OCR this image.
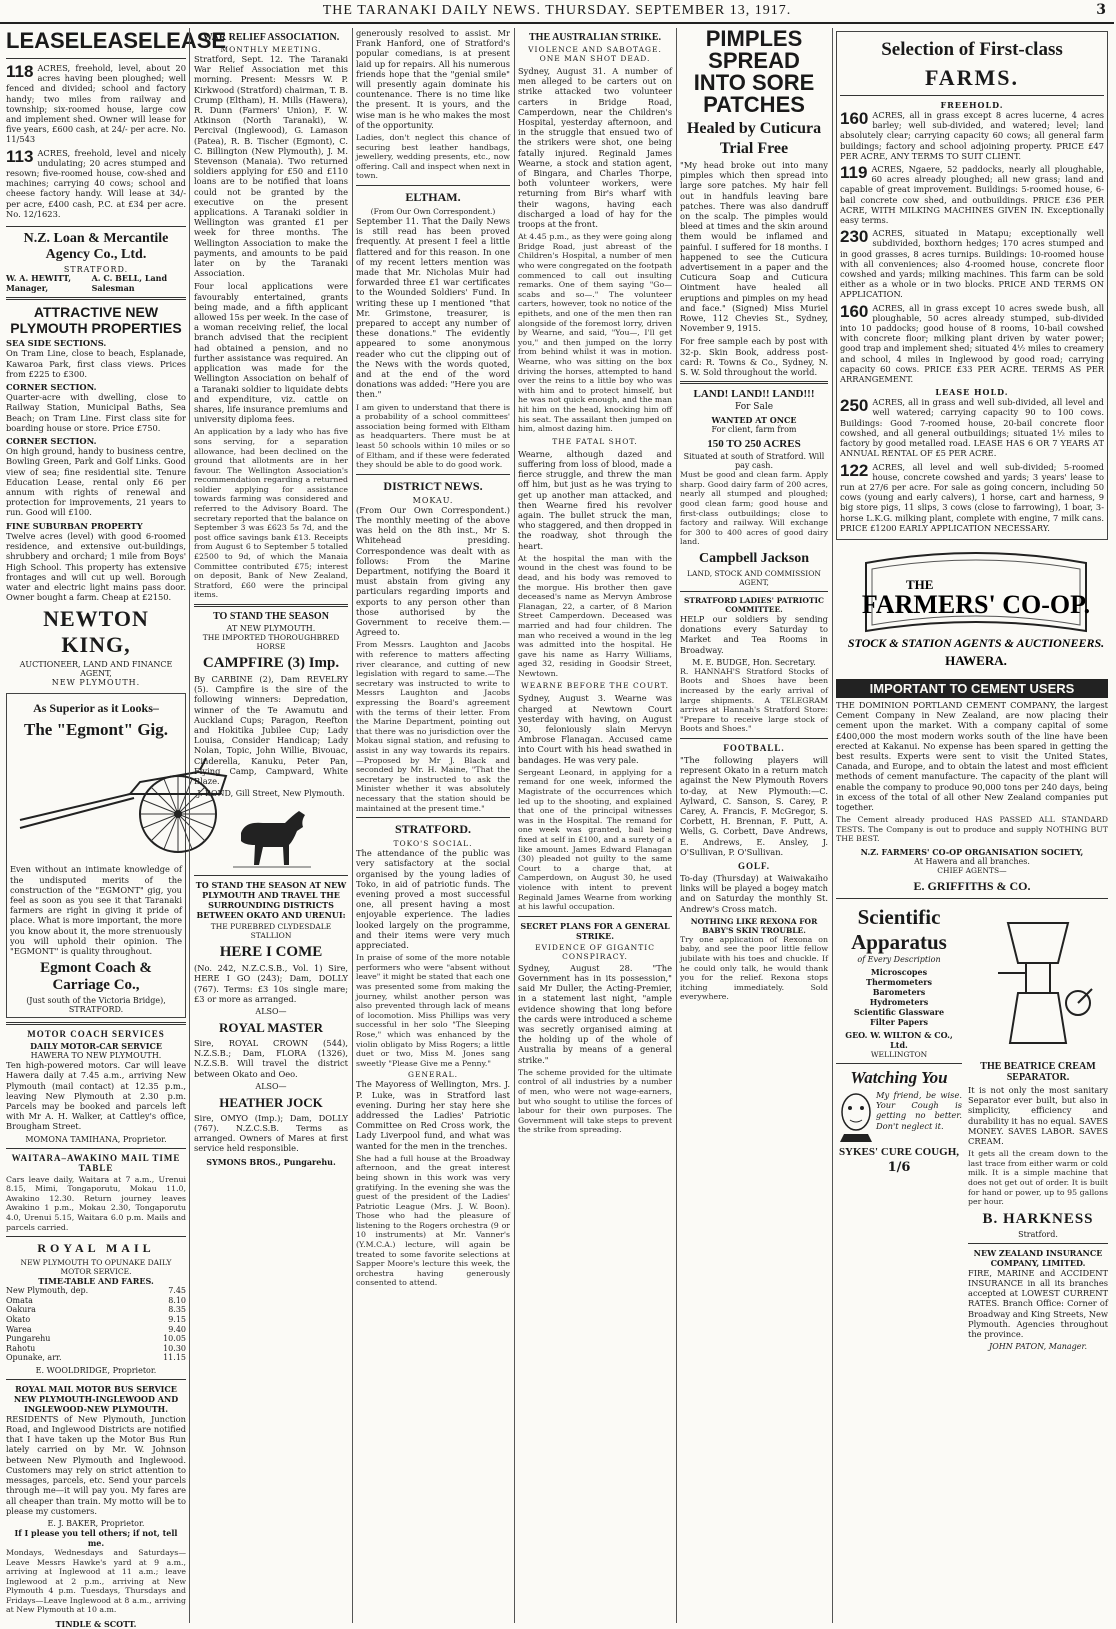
THE TARANAKI DAILY NEWS. THURSDAY. SEPTEMBER 13, 1917.	3
LEASE LEASE LEASE
118 ACRES, freehold, level, about 20 acres having been ploughed; well fenced and divided; school and factory handy; two miles from railway and township; six-roomed house, large cow and implement shed. Owner will lease for five years, £600 cash, at 24/- per acre. No. 11/543
113 ACRES, freehold, level and nicely undulating; 20 acres stumped and resown; five-roomed house, cow-shed and machines; carrying 40 cows; school and cheese factory handy. Will lease at 34/- per acre, £400 cash, P.C. at £34 per acre. No. 12/1623.
N.Z. Loan & Mercantile Agency Co., Ltd.
STRATFORD.
W. A. HEWITT, Manager,
A. C. BELL, Land Salesman
ATTRACTIVE NEW PLYMOUTH PROPERTIES
SEA SIDE SECTIONS.
On Tram Line, close to beach, Esplanade, Kawaroa Park, first class views. Prices from £225 to £300.
CORNER SECTION.
Quarter-acre with dwelling, close to Railway Station, Municipal Baths, Sea Beach; on Tram Line. First class site for boarding house or store. Price £750.
CORNER SECTION.
On high ground, handy to business centre, Bowling Green, Park and Golf Links. Good view of sea; fine residential site. Tenure Education Lease, rental only £6 per annum with rights of renewal and protection for improvements, 21 years to run. Good will £100.
FINE SUBURBAN PROPERTY
Twelve acres (level) with good 6-roomed residence, and extensive out-buildings, shrubbery and orchard; 1 mile from Boys' High School. This property has extensive frontages and will cut up well. Borough water and electric light mains pass door. Owner bought a farm. Cheap at £2150.
NEWTON KING,
AUCTIONEER, LAND AND FINANCE AGENT,
NEW PLYMOUTH.
As Superior as it Looks–
The "Egmont" Gig.
Even without an intimate knowledge of the undisputed merits of the construction of the "EGMONT" gig, you feel as soon as you see it that Taranaki farmers are right in giving it pride of place. What is more important, the more you know about it, the more strenuously you will uphold their opinion. The "EGMONT" is quality throughout.
Egmont Coach & Carriage Co.,
(Just south of the Victoria Bridge), STRATFORD.
MOTOR COACH SERVICES
DAILY MOTOR-CAR SERVICE
HAWERA TO NEW PLYMOUTH.
Ten high-powered motors. Car will leave Hawera daily at 7.45 a.m., arriving New Plymouth (mail contact) at 12.35 p.m., leaving New Plymouth at 2.30 p.m. Parcels may be booked and parcels left with Mr A. H. Walker, at Cattley's office, Brougham Street.
MOMONA TAMIHANA, Proprietor.
WAITARA–AWAKINO MAIL TIME TABLE
Cars leave daily, Waitara at 7 a.m., Urenui 8.15, Mimi, Tongaporutu, Mokau 11.0, Awakino 12.30. Return journey leaves Awakino 1 p.m., Mokau 2.30, Tongaporutu 4.0, Urenui 5.15, Waitara 6.0 p.m. Mails and parcels carried.
ROYAL MAIL
NEW PLYMOUTH TO OPUNAKE DAILY MOTOR SERVICE.
TIME-TABLE AND FARES.
New Plymouth, dep.	7.45
Omata	8.10
Oakura	8.35
Okato	9.15
Warea	9.40
Pungarehu	10.05
Rahotu	10.30
Opunake, arr.	11.15
E. WOOLDRIDGE, Proprietor.
ROYAL MAIL MOTOR BUS SERVICE NEW PLYMOUTH-INGLEWOOD AND INGLEWOOD-NEW PLYMOUTH.
RESIDENTS of New Plymouth, Junction Road, and Inglewood Districts are notified that I have taken up the Motor Bus Run lately carried on by Mr. W. Johnson between New Plymouth and Inglewood. Customers may rely on strict attention to messages, parcels, etc. Send your parcels through me—it will pay you. My fares are all cheaper than train. My motto will be to please my customers.
E. J. BAKER, Proprietor.
If I please you tell others; if not, tell me.
Mondays, Wednesdays and Saturdays—Leave Messrs Hawke's yard at 9 a.m., arriving at Inglewood at 11 a.m.; leave Inglewood at 2 p.m., arriving at New Plymouth 4 p.m. Tuesdays, Thursdays and Fridays—Leave Inglewood at 8 a.m., arriving at New Plymouth at 10 a.m.
TINDLE & SCOTT.
WAR RELIEF ASSOCIATION.
MONTHLY MEETING.
Stratford, Sept. 12. The Taranaki War Relief Association met this morning. Present: Messrs W. P. Kirkwood (Stratford) chairman, T. B. Crump (Eltham), H. Mills (Hawera), R. Dunn (Farmers' Union), F. W. Atkinson (North Taranaki), W. Percival (Inglewood), G. Lamason (Patea), R. B. Tischer (Egmont), C. C. Billington (New Plymouth), J. M. Stevenson (Manaia). Two returned soldiers applying for £50 and £110 loans are to be notified that loans could not be granted by the executive on the present applications. A Taranaki soldier in Wellington was granted £1 per week for three months. The Wellington Association to make the payments, and amounts to be paid later on by the Taranaki Association.
Four local applications were favourably entertained, grants being made, and a fifth applicant allowed 15s per week. In the case of a woman receiving relief, the local branch advised that the recipient had obtained a pension, and no further assistance was required. An application was made for the Wellington Association on behalf of a Taranaki soldier to liquidate debts and expenditure, viz. cattle on shares, life insurance premiums and university diploma fees.
An application by a lady who has five sons serving, for a separation allowance, had been declined on the ground that allotments are in her favour. The Wellington Association's recommendation regarding a returned soldier applying for assistance towards farming was considered and referred to the Advisory Board. The secretary reported that the balance on September 3 was £623 5s 7d, and the post office savings bank £13. Receipts from August 6 to September 5 totalled £2500 to 9d, of which the Manaia Committee contributed £75; interest on deposit, Bank of New Zealand, Stratford, £60 were the principal items.
TO STAND THE SEASON
AT NEW PLYMOUTH.
THE IMPORTED THOROUGHBRED HORSE
CAMPFIRE (3) Imp.
By CARBINE (2), Dam REVELRY (5). Campfire is the sire of the following winners: Depredation, winner of the Te Awamutu and Auckland Cups; Paragon, Reefton and Hokitika Jubilee Cup; Lady Louisa, Consider Handicap; Lady Nolan, Topic, John Willie, Bivouac, Cinderella, Kanuku, Peter Pan, Flying Camp, Campward, White Blaze.
J. BOND, Gill Street, New Plymouth.
TO STAND THE SEASON AT NEW PLYMOUTH AND TRAVEL THE SURROUNDING DISTRICTS BETWEEN OKATO AND URENUI:
THE PUREBRED CLYDESDALE STALLION
HERE I COME
(No. 242, N.Z.C.S.B., Vol. 1) Sire, HERE I GO (243); Dam, DOLLY (767). Terms: £3 10s single mare; £3 or more as arranged.
ALSO—
ROYAL MASTER
Sire, ROYAL CROWN (544), N.Z.S.B.; Dam, FLORA (1326), N.Z.S.B. Will travel the district between Okato and Oeo.
ALSO—
HEATHER JOCK
Sire, OMYO (Imp.); Dam, DOLLY (767). N.Z.C.S.B. Terms as arranged. Owners of Mares at first service held responsible.
SYMONS BROS., Pungarehu.
generously resolved to assist. Mr Frank Hanford, one of Stratford's popular comedians, is at present laid up for repairs. All his numerous friends hope that the "genial smile" will presently again dominate his countenance. There is no time like the present. It is yours, and the wise man is he who makes the most of the opportunity.
Ladies, don't neglect this chance of securing best leather handbags, jewellery, wedding presents, etc., now offering. Call and inspect when next in town.
ELTHAM.
(From Our Own Correspondent.)
September 11. That the Daily News is still read has been proved frequently. At present I feel a little flattered and for this reason. In one of my recent letters mention was made that Mr. Nicholas Muir had forwarded three £1 war certificates to the Wounded Soldiers' Fund. In writing these up I mentioned "that Mr. Grimstone, treasurer, is prepared to accept any number of these donations." The evidently appeared to some anonymous reader who cut the clipping out of the News with the words quoted, and at the end of the word donations was added: "Here you are then."
I am given to understand that there is a probability of a school committees' association being formed with Eltham as headquarters. There must be at least 50 schools within 10 miles or so of Eltham, and if these were federated they should be able to do good work.
DISTRICT NEWS.
MOKAU.
(From Our Own Correspondent.) The monthly meeting of the above was held on the 8th inst., Mr S. Whitehead presiding. Correspondence was dealt with as follows: From the Marine Department, notifying the Board it must abstain from giving any particulars regarding imports and exports to any person other than those authorised by the Government to receive them.—Agreed to.
From Messrs. Laughton and Jacobs with reference to matters affecting river clearance, and cutting of new legislation with regard to same.—The secretary was instructed to write to Messrs Laughton and Jacobs expressing the Board's agreement with the terms of their letter. From the Marine Department, pointing out that there was no jurisdiction over the Mokau signal station, and refusing to assist in any way towards its repairs.—Proposed by Mr J. Black and seconded by Mr. H. Maine, "That the secretary be instructed to ask the Minister whether it was absolutely necessary that the station should be maintained at the present time."
STRATFORD.
TOKO'S SOCIAL.
The attendance of the public was very satisfactory at the social organised by the young ladies of Toko, in aid of patriotic funds. The evening proved a most successful one, all present having a most enjoyable experience. The ladies looked largely on the programme, and their items were very much appreciated.
In praise of some of the more notable performers who were "absent without leave" it might be stated that each one was presented some from making the journey, whilst another person was also prevented through lack of means of locomotion. Miss Phillips was very successful in her solo "The Sleeping Rose," which was enhanced by the violin obligato by Miss Rogers; a little duet or two, Miss M. Jones sang sweetly "Please Give me a Penny."
GENERAL.
The Mayoress of Wellington, Mrs. J. P. Luke, was in Stratford last evening. During her stay here she addressed the Ladies' Patriotic Committee on Red Cross work, the Lady Liverpool fund, and what was wanted for the men in the trenches.
She had a full house at the Broadway afternoon, and the great interest being shown in this work was very gratifying. In the evening she was the guest of the president of the Ladies' Patriotic League (Mrs. J. W. Boon). Those who had the pleasure of listening to the Rogers orchestra (9 or 10 instruments) at Mr. Vanner's (Y.M.C.A.) lecture, will again be treated to some favorite selections at Sapper Moore's lecture this week, the orchestra having generously consented to attend.
THE AUSTRALIAN STRIKE.
VIOLENCE AND SABOTAGE.
ONE MAN SHOT DEAD.
Sydney, August 31. A number of men alleged to be carters out on strike attacked two volunteer carters in Bridge Road, Camperdown, near the Children's Hospital, yesterday afternoon, and in the struggle that ensued two of the strikers were shot, one being fatally injured. Reginald James Wearne, a stock and station agent, of Bingara, and Charles Thorpe, both volunteer workers, were returning from Bir's wharf with their wagons, having each discharged a load of hay for the troops at the front.
At 4.45 p.m., as they were going along Bridge Road, just abreast of the Children's Hospital, a number of men who were congregated on the footpath commenced to call out insulting remarks. One of them saying "Go—scabs and so—." The volunteer carters, however, took no notice of the epithets, and one of the men then ran alongside of the foremost lorry, driven by Wearne, and said, "You—, I'll get you," and then jumped on the lorry from behind whilst it was in motion. Wearne, who was sitting on the box driving the horses, attempted to hand over the reins to a little boy who was with him and to protect himself, but he was not quick enough, and the man hit him on the head, knocking him off his seat. The assailant then jumped on him, almost dazing him.
THE FATAL SHOT.
Wearne, although dazed and suffering from loss of blood, made a fierce struggle, and threw the man off him, but just as he was trying to get up another man attacked, and then Wearne fired his revolver again. The bullet struck the man, who staggered, and then dropped in the roadway, shot through the heart.
At the hospital the man with the wound in the chest was found to be dead, and his body was removed to the morgue. His brother then gave deceased's name as Mervyn Ambrose Flanagan, 22, a carter, of 8 Marion Street Camperdown. Deceased was married and had four children. The man who received a wound in the leg was admitted into the hospital. He gave his name as Harry Williams, aged 32, residing in Goodsir Street, Newtown.
WEARNE BEFORE THE COURT.
Sydney, August 3. Wearne was charged at Newtown Court yesterday with having, on August 30, feloniously slain Mervyn Ambrose Flanagan. Accused came into Court with his head swathed in bandages. He was very pale.
Sergeant Leonard, in applying for a remand for one week, informed the Magistrate of the occurrences which led up to the shooting, and explained that one of the principal witnesses was in the Hospital. The remand for one week was granted, bail being fixed at self in £100, and a surety of a like amount. James Edward Flanagan (30) pleaded not guilty to the same Court to a charge that, at Camperdown, on August 30, he used violence with intent to prevent Reginald James Wearne from working at his lawful occupation.
SECRET PLANS FOR A GENERAL STRIKE.
EVIDENCE OF GIGANTIC CONSPIRACY.
Sydney, August 28. "The Government has in its possession," said Mr Duller, the Acting-Premier, in a statement last night, "ample evidence showing that long before the cards were introduced a scheme was secretly organised aiming at the holding up of the whole of Australia by means of a general strike."
The scheme provided for the ultimate control of all industries by a number of men, who were not wage-earners, but who sought to utilise the forces of labour for their own purposes. The Government will take steps to prevent the strike from spreading.
Selection of First-class
FARMS.
FREEHOLD.
160 ACRES, all in grass except 8 acres lucerne, 4 acres barley; well sub-divided, and watered; level; land absolutely clear; carrying capacity 60 cows; all general farm buildings; factory and school adjoining property. PRICE £47 PER ACRE, ANY TERMS TO SUIT CLIENT.
119 ACRES, Ngaere, 52 paddocks, nearly all ploughable, 60 acres already ploughed; all new grass; land and capable of great improvement. Buildings: 5-roomed house, 6-bail concrete cow shed, and outbuildings. PRICE £36 PER ACRE, WITH MILKING MACHINES GIVEN IN. Exceptionally easy terms.
230 ACRES, situated in Matapu; exceptionally well subdivided, boxthorn hedges; 170 acres stumped and in good grasses, 8 acres turnips. Buildings: 10-roomed house with all conveniences; also 4-roomed house, concrete floor cowshed and yards; milking machines. This farm can be sold either as a whole or in two blocks. PRICE AND TERMS ON APPLICATION.
160 ACRES, all in grass except 10 acres swede bush, all ploughable, 50 acres already stumped, sub-divided into 10 paddocks; good house of 8 rooms, 10-bail cowshed with concrete floor; milking plant driven by water power; good trap and implement shed; situated 4½ miles to creamery and school, 4 miles in Inglewood by good road; carrying capacity 60 cows. PRICE £33 PER ACRE. TERMS AS PER ARRANGEMENT.
LEASE HOLD.
250 ACRES, all in grass and well sub-divided, all level and well watered; carrying capacity 90 to 100 cows. Buildings: Good 7-roomed house, 20-bail concrete floor cowshed, and all general outbuildings; situated 1½ miles to factory by good metalled road. LEASE HAS 6 OR 7 YEARS AT ANNUAL RENTAL OF £5 PER ACRE.
122 ACRES, all level and well sub-divided; 5-roomed house, concrete cowshed and yards; 3 years' lease to run at 27/6 per acre. For sale as going concern, including 50 cows (young and early calvers), 1 horse, cart and harness, 9 big store pigs, 11 slips, 3 cows (close to farrowing), 1 boar, 3-horse L.K.G. milking plant, complete with engine, 7 milk cans. PRICE £1200 EARLY APPLICATION NECESSARY.
THE
FARMERS' CO-OP.
STOCK & STATION AGENTS & AUCTIONEERS.
HAWERA.
IMPORTANT TO CEMENT USERS
THE DOMINION PORTLAND CEMENT COMPANY, the largest Cement Company in New Zealand, are now placing their cement upon the market. With a company capital of some £400,000 the most modern works south of the line have been erected at Kakanui. No expense has been spared in getting the best results. Experts were sent to visit the United States, Canada, and Europe, and to obtain the latest and most efficient methods of cement manufacture. The capacity of the plant will enable the company to produce 90,000 tons per 240 days, being in excess of the total of all other New Zealand companies put together.
The Cement already produced HAS PASSED ALL STANDARD TESTS. The Company is out to produce and supply NOTHING BUT THE BEST.
N.Z. FARMERS' CO-OP ORGANISATION SOCIETY,
At Hawera and all branches.
CHIEF AGENTS—
E. GRIFFITHS & CO.
Scientific
Apparatus
of Every Description
Microscopes
Thermometers
Barometers
Hydrometers
Scientific Glassware
Filter Papers
GEO. W. WILTON & CO., Ltd.
WELLINGTON
Watching You
My friend, be wise. Your Cough is getting no better. Don't neglect it.
SYKES' CURE COUGH,
1/6
THE BEATRICE CREAM SEPARATOR.
It is not only the most sanitary Separator ever built, but also in simplicity, efficiency and durability it has no equal. SAVES MONEY. SAVES LABOR. SAVES CREAM.
It gets all the cream down to the last trace from either warm or cold milk. It is a simple machine that does not get out of order. It is built for hand or power, up to 95 gallons per hour.
B. HARKNESS
Stratford.
NEW ZEALAND INSURANCE COMPANY, LIMITED.
FIRE, MARINE and ACCIDENT INSURANCE in all its branches accepted at LOWEST CURRENT RATES. Branch Office: Corner of Broadway and King Streets, New Plymouth. Agencies throughout the province.
JOHN PATON, Manager.
PIMPLES SPREAD
INTO SORE PATCHES
Healed by Cuticura
Trial Free
"My head broke out into many pimples which then spread into large sore patches. My hair fell out in handfuls leaving bare patches. There was also dandruff on the scalp. The pimples would bleed at times and the skin around them would be inflamed and painful. I suffered for 18 months. I happened to see the Cuticura advertisement in a paper and the Cuticura Soap and Cuticura Ointment have healed all eruptions and pimples on my head and face." (Signed) Miss Muriel Rowe, 112 Chevies St., Sydney, November 9, 1915.
For free sample each by post with 32-p. Skin Book, address post-card: R. Towns & Co., Sydney, N. S. W. Sold throughout the world.
LAND! LAND!! LAND!!!
For Sale
WANTED AT ONCE
For client, farm from
150 TO 250 ACRES
Situated at south of Stratford. Will pay cash.
Must be good and clean farm. Apply sharp. Good dairy farm of 200 acres, nearly all stumped and ploughed; good clean farm; good house and first-class outbuildings; close to factory and railway. Will exchange for 300 to 400 acres of good dairy land.
Campbell Jackson
LAND, STOCK AND COMMISSION AGENT,
STRATFORD LADIES' PATRIOTIC COMMITTEE.
HELP our soldiers by sending donations every Saturday to Market and Tea Rooms in Broadway.
M. E. BUDGE, Hon. Secretary.
R. HANNAH'S Stratford Stocks of Boots and Shoes have been increased by the early arrival of large shipments. A TELEGRAM arrives at Hannah's Stratford Store: "Prepare to receive large stock of Boots and Shoes."
FOOTBALL.
"The following players will represent Okato in a return match against the New Plymouth Rovers to-day, at New Plymouth:—C. Aylward, C. Sanson, S. Carey, P. Carey, A. Francis, F. McGregor, S. Corbett, H. Brennan, F. Putt, A. Wells, G. Corbett, Dave Andrews, E. Andrews, E. Ansley, J. O'Sullivan, P. O'Sullivan.
GOLF.
To-day (Thursday) at Waiwakaiho links will be played a bogey match and on Saturday the monthly St. Andrew's Cross match.
NOTHING LIKE REXONA FOR BABY'S SKIN TROUBLE.
Try one application of Rexona on baby, and see the poor little fellow jubilate with his toes and chuckle. If he could only talk, he would thank you for the relief. Rexona stops itching immediately. Sold everywhere.
